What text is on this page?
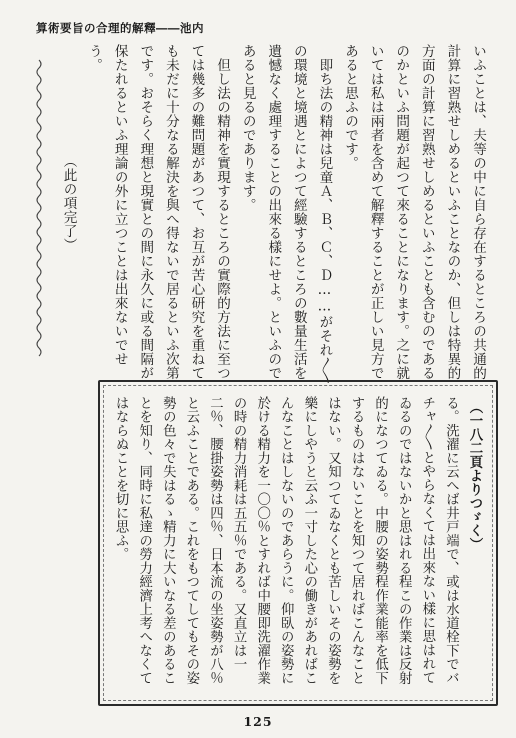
算術要旨の合理的解釋――池内

いふことは、夫等の中に自ら存在するところの共通的計算に習熟せしめるといふことなのか、但しは特異的方面の計算に習熟せしめるといふことも含むのであるのかといふ問題が起つて來ることになります。之に就いては私は兩者を含めて解釋することが正しい見方であると思ふのです。

即ち法の精神は兒童Ａ、Ｂ、Ｃ、Ｄ……がそれ〳〵の環境と境遇とによつて經驗するところの數量生活を遺憾なく處理することの出來る樣にせよ。といふのであると見るのであります。

但し法の精神を實現するところの實際的方法に至つては幾多の難問題があつて、お互が苦心研究を重ねても未だに十分なる解決を與へ得ないで居るといふ次第です。おそらく理想と現實との間に永久に或る間隔が保たれるといふ理論の外に立つことは出來ないでせう。

（此の項完了）

（一八二頁よりつゞく）

る。洗濯に云へば井戸端で、或は水道栓下でバチャ〳〵とやらなくては出來ない樣に思はれてゐるのではないかと思はれる程この作業は反射的になつてゐる。中腰の姿勢程作業能率を低下するものはないことを知つて居ればこんなことはない。又知つてゐなくとも苦しいその姿勢を樂にしやうと云ふ一寸した心の働きがあればこんなことはしないのであらうに。仰臥の姿勢に於ける精力を一〇〇％とすれば中腰即洗濯作業の時の精力消耗は五五％である。又直立は一二％、腰掛姿勢は四％、日本流の坐姿勢が八％と云ふことである。これをもつてしてもその姿勢の色々で失はるゝ精力に大いなる差のあることを知り、同時に私達の勞力經濟上考へなくてはならぬことを切に思ふ。

125
